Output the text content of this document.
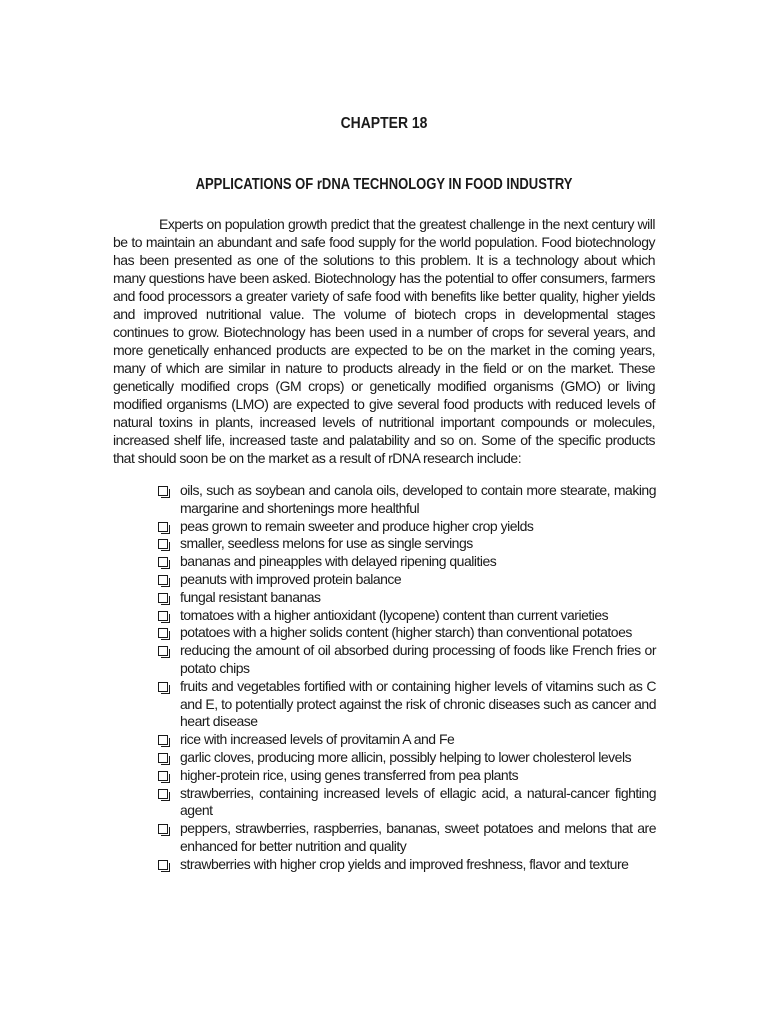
CHAPTER 18
APPLICATIONS OF rDNA TECHNOLOGY IN FOOD INDUSTRY

Experts on population growth predict that the greatest challenge in the next century will be to maintain an abundant and safe food supply for the world population. Food biotechnology has been presented as one of the solutions to this problem. It is a technology about which many questions have been asked. Biotechnology has the potential to offer consumers, farmers and food processors a greater variety of safe food with benefits like better quality, higher yields and improved nutritional value. The volume of biotech crops in developmental stages continues to grow. Biotechnology has been used in a number of crops for several years, and more genetically enhanced products are expected to be on the market in the coming years, many of which are similar in nature to products already in the field or on the market. These genetically modified crops (GM crops) or genetically modified organisms (GMO) or living modified organisms (LMO) are expected to give several food products with reduced levels of natural toxins in plants, increased levels of nutritional important compounds or molecules, increased shelf life, increased taste and palatability and so on. Some of the specific products that should soon be on the market as a result of rDNA research include:

oils, such as soybean and canola oils, developed to contain more stearate, making margarine and shortenings more healthful
peas grown to remain sweeter and produce higher crop yields
smaller, seedless melons for use as single servings
bananas and pineapples with delayed ripening qualities
peanuts with improved protein balance
fungal resistant bananas
tomatoes with a higher antioxidant (lycopene) content than current varieties
potatoes with a higher solids content (higher starch) than conventional potatoes
reducing the amount of oil absorbed during processing of foods like French fries or potato chips
fruits and vegetables fortified with or containing higher levels of vitamins such as C and E, to potentially protect against the risk of chronic diseases such as cancer and heart disease
rice with increased levels of provitamin A and Fe
garlic cloves, producing more allicin, possibly helping to lower cholesterol levels
higher-protein rice, using genes transferred from pea plants
strawberries, containing increased levels of ellagic acid, a natural-cancer fighting agent
peppers, strawberries, raspberries, bananas, sweet potatoes and melons that are enhanced for better nutrition and quality
strawberries with higher crop yields and improved freshness, flavor and texture
